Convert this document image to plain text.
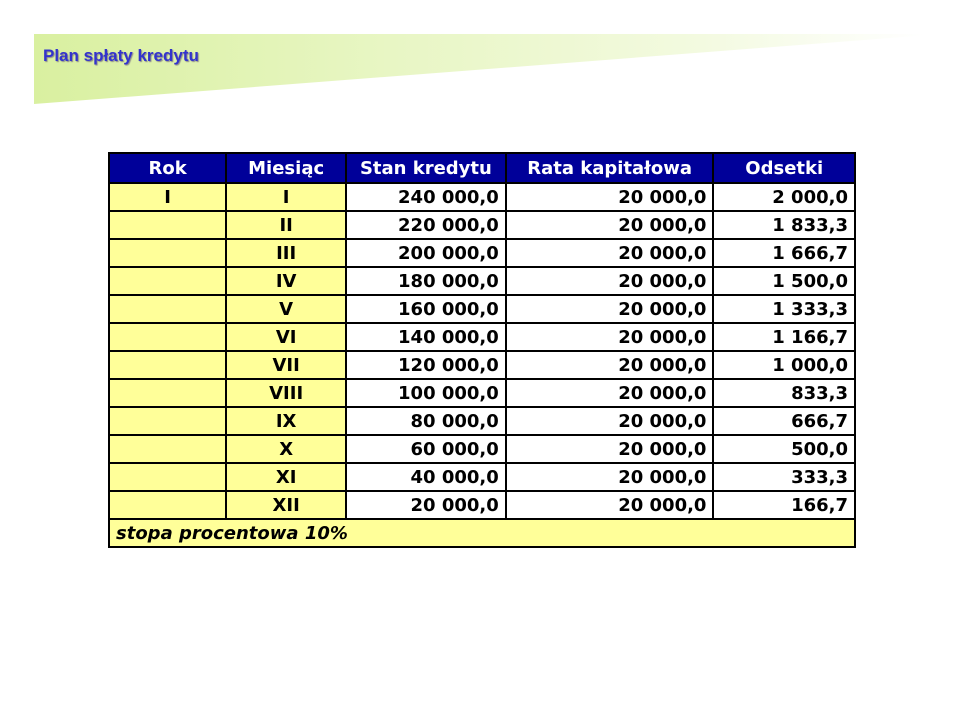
Plan spłaty kredytu
Rok	Miesiąc	Stan kredytu	Rata kapitałowa	Odsetki
I	I	240 000,0	20 000,0	2 000,0
	II	220 000,0	20 000,0	1 833,3
	III	200 000,0	20 000,0	1 666,7
	IV	180 000,0	20 000,0	1 500,0
	V	160 000,0	20 000,0	1 333,3
	VI	140 000,0	20 000,0	1 166,7
	VII	120 000,0	20 000,0	1 000,0
	VIII	100 000,0	20 000,0	833,3
	IX	80 000,0	20 000,0	666,7
	X	60 000,0	20 000,0	500,0
	XI	40 000,0	20 000,0	333,3
	XII	20 000,0	20 000,0	166,7
stopa procentowa 10%				
